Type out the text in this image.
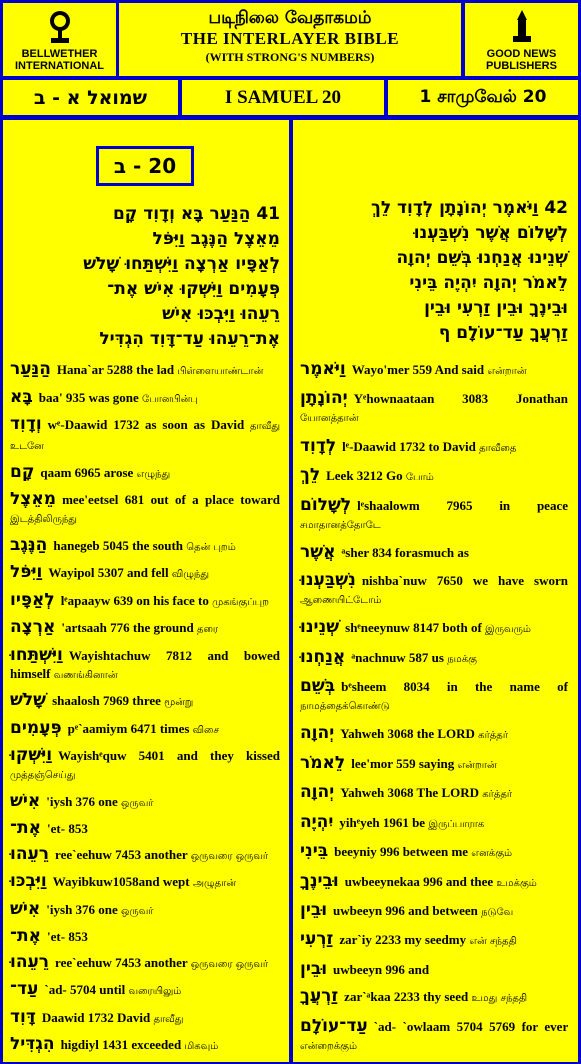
BELLWETHER INTERNATIONAL
படிநிலை வேதாகமம்
THE INTERLAYER BIBLE
(WITH STRONG'S NUMBERS)	GOOD NEWS PUBLISHERS
שמואל א - ב	I SAMUEL 20	1 சாமுவேல் 20
20 - ב
41 הַנַּעַר בָּא וְדָוִד קָם
מֵאֵצֶל הַנֶּגֶב וַיִּפֹּל
לְאַפָּיו אַרְצָה וַיִּשְׁתַּחוּ שָׁלֹשׁ
פְּעָמִים וַיִּשְּׁקוּ אִישׁ אֶת־
רֵעֵהוּ וַיִּבְכּוּ אִישׁ
אֶת־רֵעֵהוּ עַד־דָּוִד הִגְדִּיל
42 וַיֹּאמֶר יְהוֹנָתָן לְדָוִד לֵךְ
לְשָׁלוֹם אֲשֶׁר נִשְׁבַּעְנוּ
שְׁנֵינוּ אֲנַחְנוּ בְּשֵׁם יְהוָה
לֵאמֹר יְהוָה יִהְיֶה בֵּינִי
וּבֵינֶךָ וּבֵין זַרְעִי וּבֵין
זַרְעֲךָ עַד־עוֹלָם ף
הַנַּעַר Hana`ar 5288 the lad பிள்ளையாண்டான்
בָּא baa' 935 was gone போனபின்பு
וְדָוִד wᵉ-Daawid 1732 as soon as David தாவீது உடனே
קָם qaam 6965 arose எழுந்து
מֵאֵצֶל mee'eetsel 681 out of a place toward இடத்திலிருந்து
הַנֶּגֶב hanegeb 5045 the south தென் புறம்
וַיִּפֹּל Wayipol 5307 and fell விழுந்து
לְאַפָּיו lᵉapaayw 639 on his face to முகங்குப்புற
אַרְצָה 'artsaah 776 the ground தரை
וַיִּשְׁתַּחוּ Wayishtachuw 7812 and bowed himself வணங்கினான்
שָׁלֹשׁ shaalosh 7969 three மூன்று
פְּעָמִים pᵉ`aamiym 6471 times விசை
וַיִּשְּׁקוּ Wayishᵉquw 5401 and they kissed முத்தஞ்செய்து
אִישׁ 'iysh 376 one ஒருவர்
אֶת־ 'et- 853
רֵעֵהוּ ree`eehuw 7453 another ஒருவரை ஒருவர்
וַיִּבְכּוּ Wayibkuw1058and wept அழுதான்
אִישׁ 'iysh 376 one ஒருவர்
אֶת־ 'et- 853
רֵעֵהוּ ree`eehuw 7453 another ஒருவரை ஒருவர்
עַד־ `ad- 5704 until வரையிலும்
דָּוִד Daawid 1732 David தாவீது
הִגְדִּיל higdiyl 1431 exceeded மிகவும்
וַיֹּאמֶר Wayo'mer 559 And said என்றான்
יְהוֹנָתָן Yᵉhownaataan 3083 Jonathan யோனத்தான்
לְדָוִד lᵉ-Daawid 1732 to David தாவீதை
לֵךְ Leek 3212 Go போம்
לְשָׁלוֹם lᵉshaalowm 7965 in peace சமாதானத்தோடே
אֲשֶׁר ᵃsher 834 forasmuch as
נִשְׁבַּעְנוּ nishba`nuw 7650 we have sworn ஆணையிட்டோம்
שְׁנֵינוּ shᵉneeynuw 8147 both of இருவரும்
אֲנַחְנוּ ᵃnachnuw 587 us நமக்கு
בְּשֵׁם bᵉsheem 8034 in the name of நாமத்தைக்கொண்டு
יְהוָה Yahweh 3068 the LORD கர்த்தர்
לֵאמֹר lee'mor 559 saying என்றான்
יְהוָה Yahweh 3068 The LORD கர்த்தர்
יִהְיֶה yihᵉyeh 1961 be இருப்பாராக
בֵּינִי beeyniy 996 between me எனக்கும்
וּבֵינֶךָ uwbeeynekaa 996 and thee உமக்கும்
וּבֵין uwbeeyn 996 and between நடுவே
זַרְעִי zar`iy 2233 my seedmy என் சந்ததி
וּבֵין uwbeeyn 996 and
זַרְעֲךָ zar`ᵃkaa 2233 thy seed உமது சந்ததி
עַד־עוֹלָם `ad- `owlaam 5704 5769 for ever என்றைக்கும்
